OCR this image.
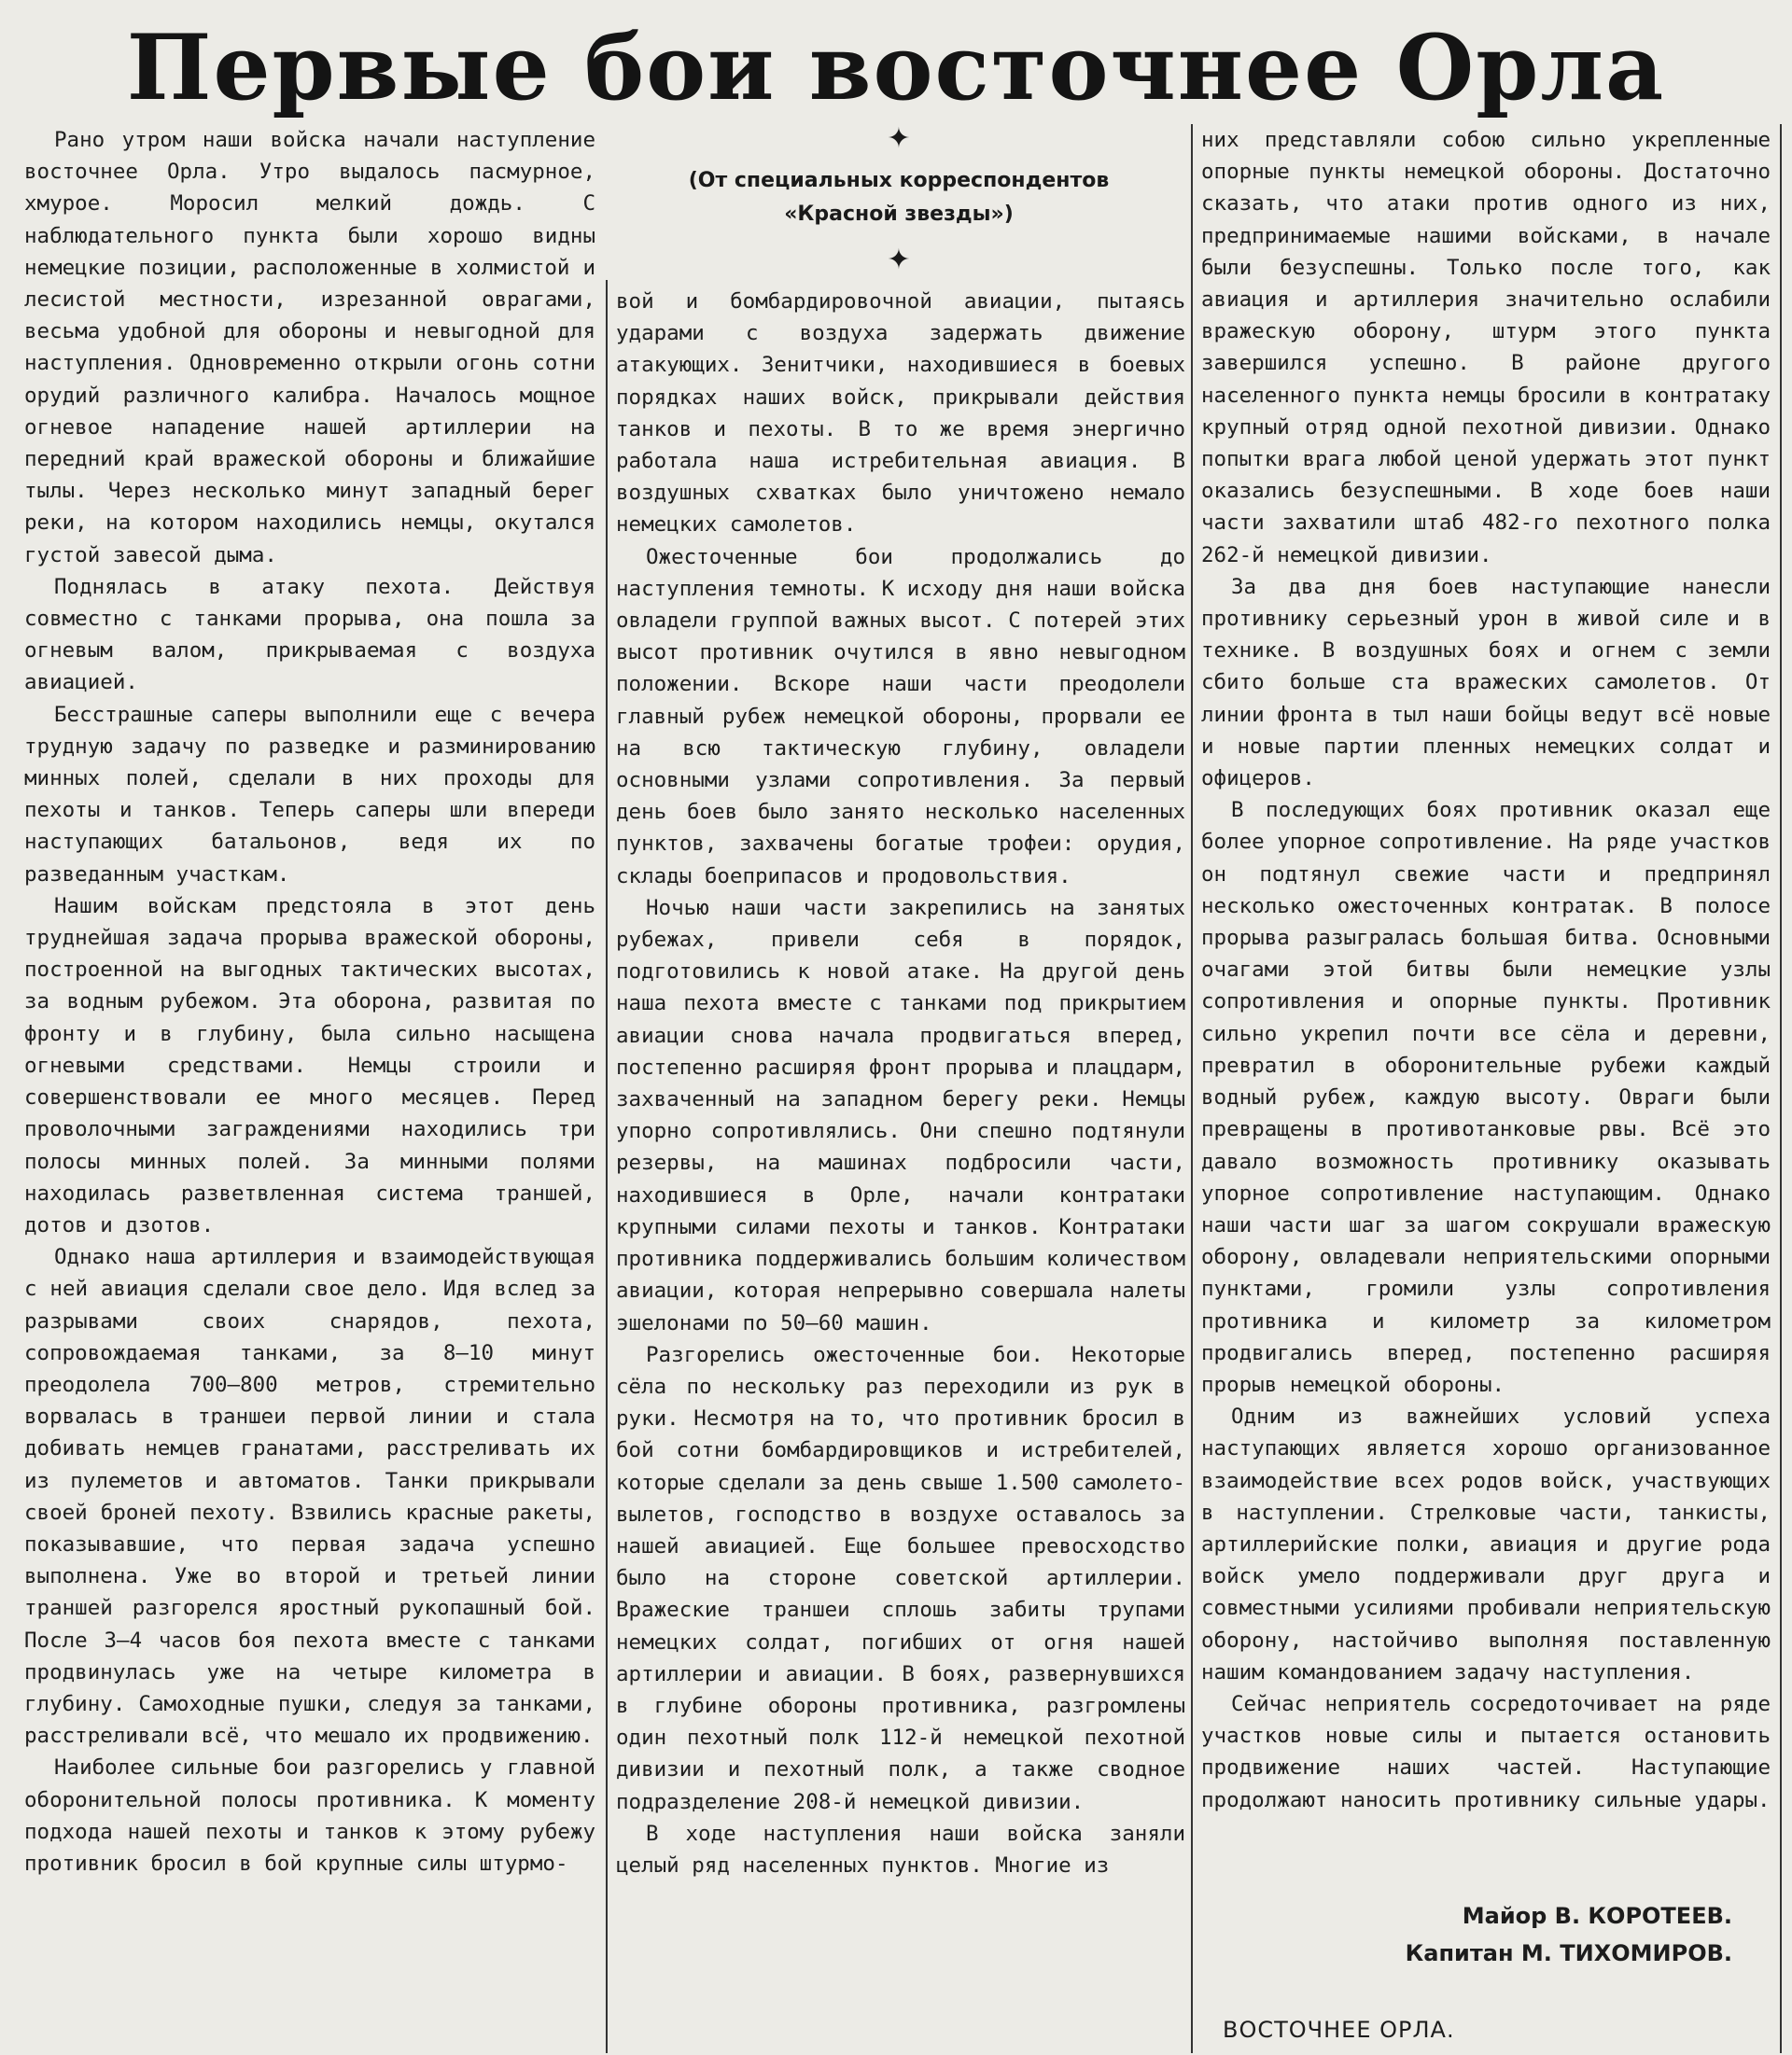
Первые бои восточнее Орла
✦
(От специальных корреспондентов
«Красной звезды»)
✦

Рано утром наши войска начали наступление восточнее Орла. Утро выдалось пасмурное, хмурое. Моросил мелкий дождь. С наблюдательного пункта были хорошо видны немецкие позиции, расположенные в холмистой и лесистой местности, изрезанной оврагами, весьма удобной для обороны и невыгодной для наступления. Одновременно открыли огонь сотни орудий различного калибра. Началось мощное огневое нападение нашей артиллерии на передний край вражеской обороны и ближайшие тылы. Через несколько минут западный берег реки, на котором находились немцы, окутался густой завесой дыма.

Поднялась в атаку пехота. Действуя совместно с танками прорыва, она пошла за огневым валом, прикрываемая с воздуха авиацией.

Бесстрашные саперы выполнили еще с вечера трудную задачу по разведке и разминированию минных полей, сделали в них проходы для пехоты и танков. Теперь саперы шли впереди наступающих батальонов, ведя их по разведанным участкам.

Нашим войскам предстояла в этот день труднейшая задача прорыва вражеской обороны, построенной на выгодных тактических высотах, за водным рубежом. Эта оборона, развитая по фронту и в глубину, была сильно насыщена огневыми средствами. Немцы строили и совершенствовали ее много месяцев. Перед проволочными заграждениями находились три полосы минных полей. За минными полями находилась разветвленная система траншей, дотов и дзотов.

Однако наша артиллерия и взаимодействующая с ней авиация сделали свое дело. Идя вслед за разрывами своих снарядов, пехота, сопровождаемая танками, за 8—10 минут преодолела 700—800 метров, стремительно ворвалась в траншеи первой линии и стала добивать немцев гранатами, расстреливать их из пулеметов и автоматов. Танки прикрывали своей броней пехоту. Взвились красные ракеты, показывавшие, что первая задача успешно выполнена. Уже во второй и третьей линии траншей разгорелся яростный рукопашный бой. После 3—4 часов боя пехота вместе с танками продвинулась уже на четыре километра в глубину. Самоходные пушки, следуя за танками, расстреливали всё, что мешало их продвижению.

Наиболее сильные бои разгорелись у главной оборонительной полосы противника. К моменту подхода нашей пехоты и танков к этому рубежу противник бросил в бой крупные силы штурмо-

вой и бомбардировочной авиации, пытаясь ударами с воздуха задержать движение атакующих. Зенитчики, находившиеся в боевых порядках наших войск, прикрывали действия танков и пехоты. В то же время энергично работала наша истребительная авиация. В воздушных схватках было уничтожено немало немецких самолетов.

Ожесточенные бои продолжались до наступления темноты. К исходу дня наши войска овладели группой важных высот. С потерей этих высот противник очутился в явно невыгодном положении. Вскоре наши части преодолели главный рубеж немецкой обороны, прорвали ее на всю тактическую глубину, овладели основными узлами сопротивления. За первый день боев было занято несколько населенных пунктов, захвачены богатые трофеи: орудия, склады боеприпасов и продовольствия.

Ночью наши части закрепились на занятых рубежах, привели себя в порядок, подготовились к новой атаке. На другой день наша пехота вместе с танками под прикрытием авиации снова начала продвигаться вперед, постепенно расширяя фронт прорыва и плацдарм, захваченный на западном берегу реки. Немцы упорно сопротивлялись. Они спешно подтянули резервы, на машинах подбросили части, находившиеся в Орле, начали контратаки крупными силами пехоты и танков. Контратаки противника поддерживались большим количеством авиации, которая непрерывно совершала налеты эшелонами по 50—60 машин.

Разгорелись ожесточенные бои. Некоторые сёла по нескольку раз переходили из рук в руки. Несмотря на то, что противник бросил в бой сотни бомбардировщиков и истребителей, которые сделали за день свыше 1.500 самолето-вылетов, господство в воздухе оставалось за нашей авиацией. Еще большее превосходство было на стороне советской артиллерии. Вражеские траншеи сплошь забиты трупами немецких солдат, погибших от огня нашей артиллерии и авиации. В боях, развернувшихся в глубине обороны противника, разгромлены один пехотный полк 112-й немецкой пехотной дивизии и пехотный полк, а также сводное подразделение 208-й немецкой дивизии.

В ходе наступления наши войска заняли целый ряд населенных пунктов. Многие из

них представляли собою сильно укрепленные опорные пункты немецкой обороны. Достаточно сказать, что атаки против одного из них, предпринимаемые нашими войсками, в начале были безуспешны. Только после того, как авиация и артиллерия значительно ослабили вражескую оборону, штурм этого пункта завершился успешно. В районе другого населенного пункта немцы бросили в контратаку крупный отряд одной пехотной дивизии. Однако попытки врага любой ценой удержать этот пункт оказались безуспешными. В ходе боев наши части захватили штаб 482-го пехотного полка 262-й немецкой дивизии.

За два дня боев наступающие нанесли противнику серьезный урон в живой силе и в технике. В воздушных боях и огнем с земли сбито больше ста вражеских самолетов. От линии фронта в тыл наши бойцы ведут всё новые и новые партии пленных немецких солдат и офицеров.

В последующих боях противник оказал еще более упорное сопротивление. На ряде участков он подтянул свежие части и предпринял несколько ожесточенных контратак. В полосе прорыва разыгралась большая битва. Основными очагами этой битвы были немецкие узлы сопротивления и опорные пункты. Противник сильно укрепил почти все сёла и деревни, превратил в оборонительные рубежи каждый водный рубеж, каждую высоту. Овраги были превращены в противотанковые рвы. Всё это давало возможность противнику оказывать упорное сопротивление наступающим. Однако наши части шаг за шагом сокрушали вражескую оборону, овладевали неприятельскими опорными пунктами, громили узлы сопротивления противника и километр за километром продвигались вперед, постепенно расширяя прорыв немецкой обороны.

Одним из важнейших условий успеха наступающих является хорошо организованное взаимодействие всех родов войск, участвующих в наступлении. Стрелковые части, танкисты, артиллерийские полки, авиация и другие рода войск умело поддерживали друг друга и совместными усилиями пробивали неприятельскую оборону, настойчиво выполняя поставленную нашим командованием задачу наступления.

Сейчас неприятель сосредоточивает на ряде участков новые силы и пытается остановить продвижение наших частей. Наступающие продолжают наносить противнику сильные удары.

Майор В. КОРОТЕЕВ.
Капитан М. ТИХОМИРОВ.
ВОСТОЧНЕЕ ОРЛА.
